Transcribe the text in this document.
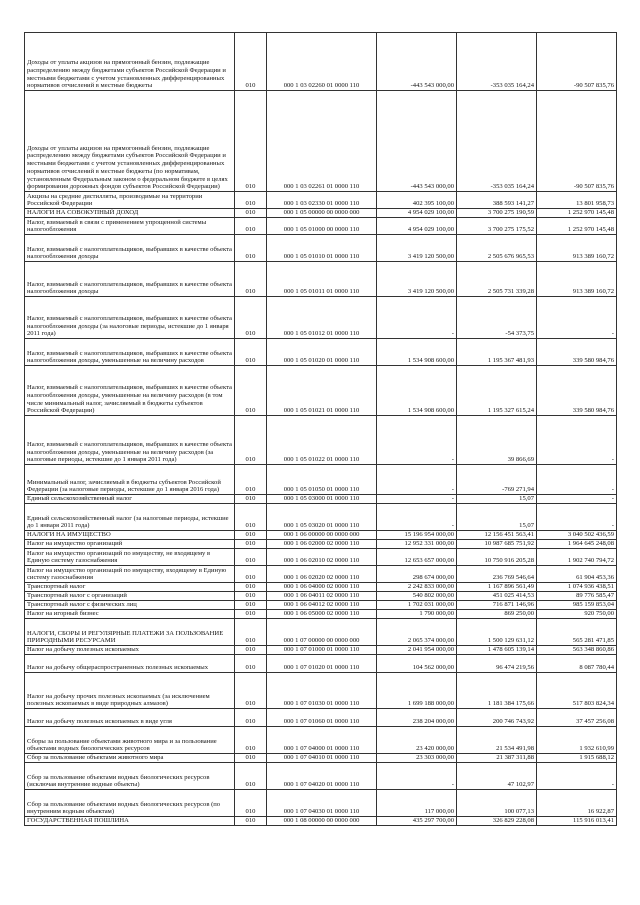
Доходы от уплаты акцизов на прямогонный бензин, подлежащие распределению между бюджетами субъектов Российской Федерации и местными бюджетами с учетом установленных дифференцированных нормативов отчислений в местные бюджеты	010	000 1 03 02260 01 0000 110	-443 543 000,00	-353 035 164,24	-90 507 835,76
Доходы от уплаты акцизов на прямогонный бензин, подлежащие распределению между бюджетами субъектов Российской Федерации и местными бюджетами с учетом установленных дифференцированных нормативов отчислений в местные бюджеты (по нормативам, установленным Федеральным законом о федеральном бюджете в целях формирования дорожных фондов субъектов Российской Федерации)	010	000 1 03 02261 01 0000 110	-443 543 000,00	-353 035 164,24	-90 507 835,76
Акцизы на средние дистилляты, производимые на территории Российской Федерации	010	000 1 03 02330 01 0000 110	402 395 100,00	388 593 141,27	13 801 958,73
НАЛОГИ НА СОВОКУПНЫЙ ДОХОД	010	000 1 05 00000 00 0000 000	4 954 029 100,00	3 700 275 190,59	1 252 970 145,48
Налог, взимаемый в связи с применением упрощенной системы налогообложения	010	000 1 05 01000 00 0000 110	4 954 029 100,00	3 700 275 175,52	1 252 970 145,48
Налог, взимаемый с налогоплательщиков, выбравших в качестве объекта налогообложения доходы	010	000 1 05 01010 01 0000 110	3 419 120 500,00	2 505 676 965,53	913 389 160,72
Налог, взимаемый с налогоплательщиков, выбравших в качестве объекта налогообложения доходы	010	000 1 05 01011 01 0000 110	3 419 120 500,00	2 505 731 339,28	913 389 160,72
Налог, взимаемый с налогоплательщиков, выбравших в качестве объекта налогообложения доходы (за налоговые периоды, истекшие до 1 января 2011 года)	010	000 1 05 01012 01 0000 110	-	-54 373,75	-
Налог, взимаемый с налогоплательщиков, выбравших в качестве объекта налогообложения доходы, уменьшенные на величину расходов	010	000 1 05 01020 01 0000 110	1 534 908 600,00	1 195 367 481,93	339 580 984,76
Налог, взимаемый с налогоплательщиков, выбравших в качестве объекта налогообложения доходы, уменьшенные на величину расходов (в том числе минимальный налог, зачисляемый в бюджеты субъектов Российской Федерации)	010	000 1 05 01021 01 0000 110	1 534 908 600,00	1 195 327 615,24	339 580 984,76
Налог, взимаемый с налогоплательщиков, выбравших в качестве объекта налогообложения доходы, уменьшенные на величину расходов (за налоговые периоды, истекшие до 1 января 2011 года)	010	000 1 05 01022 01 0000 110	-	39 866,69	-
Минимальный налог, зачисляемый в бюджеты субъектов Российской Федерации (за налоговые периоды, истекшие до 1 января 2016 года)	010	000 1 05 01050 01 0000 110	-	-769 271,94	-
Единый сельскохозяйственный налог	010	000 1 05 03000 01 0000 110	-	15,07	-
Единый сельскохозяйственный налог (за налоговые периоды, истекшие до 1 января 2011 года)	010	000 1 05 03020 01 0000 110	-	15,07	-
НАЛОГИ НА ИМУЩЕСТВО	010	000 1 06 00000 00 0000 000	15 196 954 000,00	12 156 451 563,41	3 040 502 436,59
Налог на имущество организаций	010	000 1 06 02000 02 0000 110	12 952 331 000,00	10 987 685 751,92	1 964 645 248,08
Налог на имущество организаций по имуществу, не входящему в Единую систему газоснабжения	010	000 1 06 02010 02 0000 110	12 653 657 000,00	10 750 916 205,28	1 902 740 794,72
Налог на имущество организаций по имуществу, входящему в Единую систему газоснабжения	010	000 1 06 02020 02 0000 110	298 674 000,00	236 769 546,64	61 904 453,36
Транспортный налог	010	000 1 06 04000 02 0000 110	2 242 833 000,00	1 167 896 561,49	1 074 936 438,51
Транспортный налог с организаций	010	000 1 06 04011 02 0000 110	540 802 000,00	451 025 414,53	89 776 585,47
Транспортный налог с физических лиц	010	000 1 06 04012 02 0000 110	1 702 031 000,00	716 871 146,96	985 159 853,04
Налог на игорный бизнес	010	000 1 06 05000 02 0000 110	1 790 000,00	869 250,00	920 750,00
НАЛОГИ, СБОРЫ И РЕГУЛЯРНЫЕ ПЛАТЕЖИ ЗА ПОЛЬЗОВАНИЕ ПРИРОДНЫМИ РЕСУРСАМИ	010	000 1 07 00000 00 0000 000	2 065 374 000,00	1 500 129 631,12	565 281 471,85
Налог на добычу полезных ископаемых	010	000 1 07 01000 01 0000 110	2 041 954 000,00	1 478 605 139,14	563 348 860,86
Налог на добычу общераспространенных полезных ископаемых	010	000 1 07 01020 01 0000 110	104 562 000,00	96 474 219,56	8 087 780,44
Налог на добычу прочих полезных ископаемых (за исключением полезных ископаемых в виде природных алмазов)	010	000 1 07 01030 01 0000 110	1 699 188 000,00	1 181 384 175,66	517 803 824,34
Налог на добычу полезных ископаемых в виде угля	010	000 1 07 01060 01 0000 110	238 204 000,00	200 746 743,92	37 457 256,08
Сборы за пользование объектами животного мира и за пользование объектами водных биологических ресурсов	010	000 1 07 04000 01 0000 110	23 420 000,00	21 534 491,98	1 932 610,99
Сбор за пользование объектами животного мира	010	000 1 07 04010 01 0000 110	23 303 000,00	21 387 311,88	1 915 688,12
Сбор за пользование объектами водных биологических ресурсов (исключая внутренние водные объекты)	010	000 1 07 04020 01 0000 110	-	47 102,97	-
Сбор за пользование объектами водных биологических ресурсов (по внутренним водным объектам)	010	000 1 07 04030 01 0000 110	117 000,00	100 077,13	16 922,87
ГОСУДАРСТВЕННАЯ ПОШЛИНА	010	000 1 08 00000 00 0000 000	435 297 700,00	326 829 228,08	115 916 013,41
